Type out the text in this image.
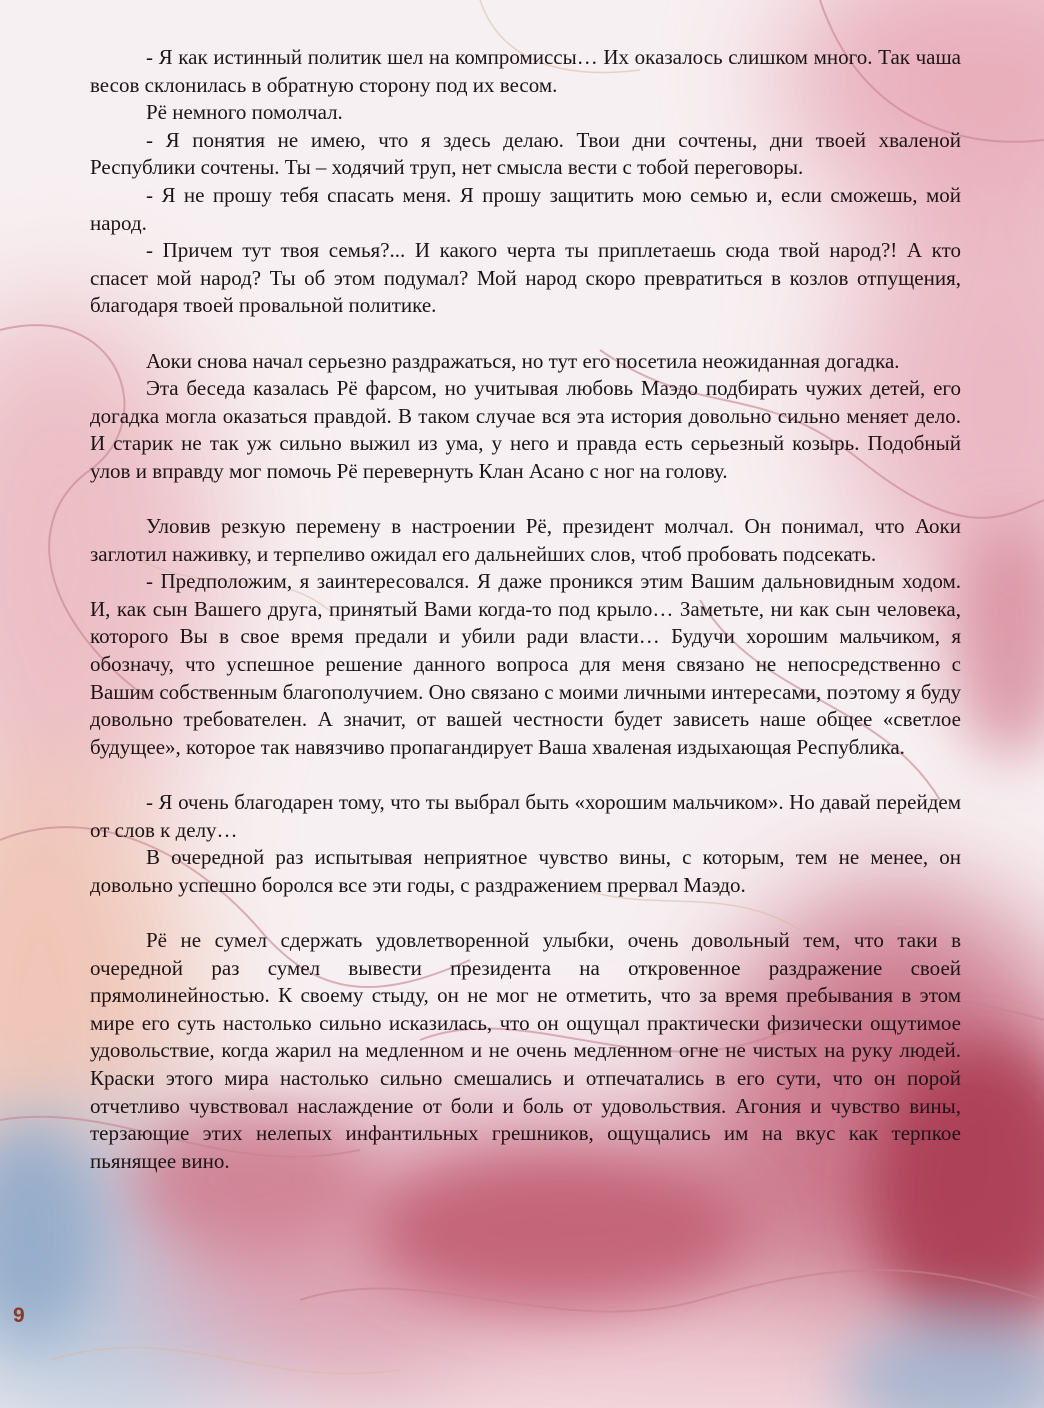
- Я как истинный политик шел на компромиссы… Их оказалось слишком много. Так чаша весов склонилась в обратную сторону под их весом.

Рё немного помолчал.

- Я понятия не имею, что я здесь делаю. Твои дни сочтены, дни твоей хваленой Республики сочтены. Ты – ходячий труп, нет смысла вести с тобой переговоры.

- Я не прошу тебя спасать меня. Я прошу защитить мою семью и, если сможешь, мой народ.

- Причем тут твоя семья?... И какого черта ты приплетаешь сюда твой народ?! А кто спасет мой народ? Ты об этом подумал? Мой народ скоро превратиться в козлов отпущения, благодаря твоей провальной политике.

Аоки снова начал серьезно раздражаться, но тут его посетила неожиданная догадка.

Эта беседа казалась Рё фарсом, но учитывая любовь Маэдо подбирать чужих детей, его догадка могла оказаться правдой. В таком случае вся эта история довольно сильно меняет дело. И старик не так уж сильно выжил из ума, у него и правда есть серьезный козырь. Подобный улов и вправду мог помочь Рё перевернуть Клан Асано с ног на голову.

Уловив резкую перемену в настроении Рё, президент молчал. Он понимал, что Аоки заглотил наживку, и терпеливо ожидал его дальнейших слов, чтоб пробовать подсекать.

- Предположим, я заинтересовался. Я даже проникся этим Вашим дальновидным ходом. И, как сын Вашего друга, принятый Вами когда-то под крыло… Заметьте, ни как сын человека, которого Вы в свое время предали и убили ради власти… Будучи хорошим мальчиком, я обозначу, что успешное решение данного вопроса для меня связано не непосредственно с Вашим собственным благополучием. Оно связано с моими личными интересами, поэтому я буду довольно требователен. А значит, от вашей честности будет зависеть наше общее «светлое будущее», которое так навязчиво пропагандирует Ваша хваленая издыхающая Республика.

- Я очень благодарен тому, что ты выбрал быть «хорошим мальчиком». Но давай перейдем от слов к делу…

В очередной раз испытывая неприятное чувство вины, с которым, тем не менее, он довольно успешно боролся все эти годы, с раздражением прервал Маэдо.

Рё не сумел сдержать удовлетворенной улыбки, очень довольный тем, что таки в очередной раз сумел вывести президента на откровенное раздражение своей прямолинейностью. К своему стыду, он не мог не отметить, что за время пребывания в этом мире его суть настолько сильно исказилась, что он ощущал практически физически ощутимое удовольствие, когда жарил на медленном и не очень медленном огне не чистых на руку людей. Краски этого мира настолько сильно смешались и отпечатались в его сути, что он порой отчетливо чувствовал наслаждение от боли и боль от удовольствия. Агония и чувство вины, терзающие этих нелепых инфантильных грешников, ощущались им на вкус как терпкое пьянящее вино.

9
